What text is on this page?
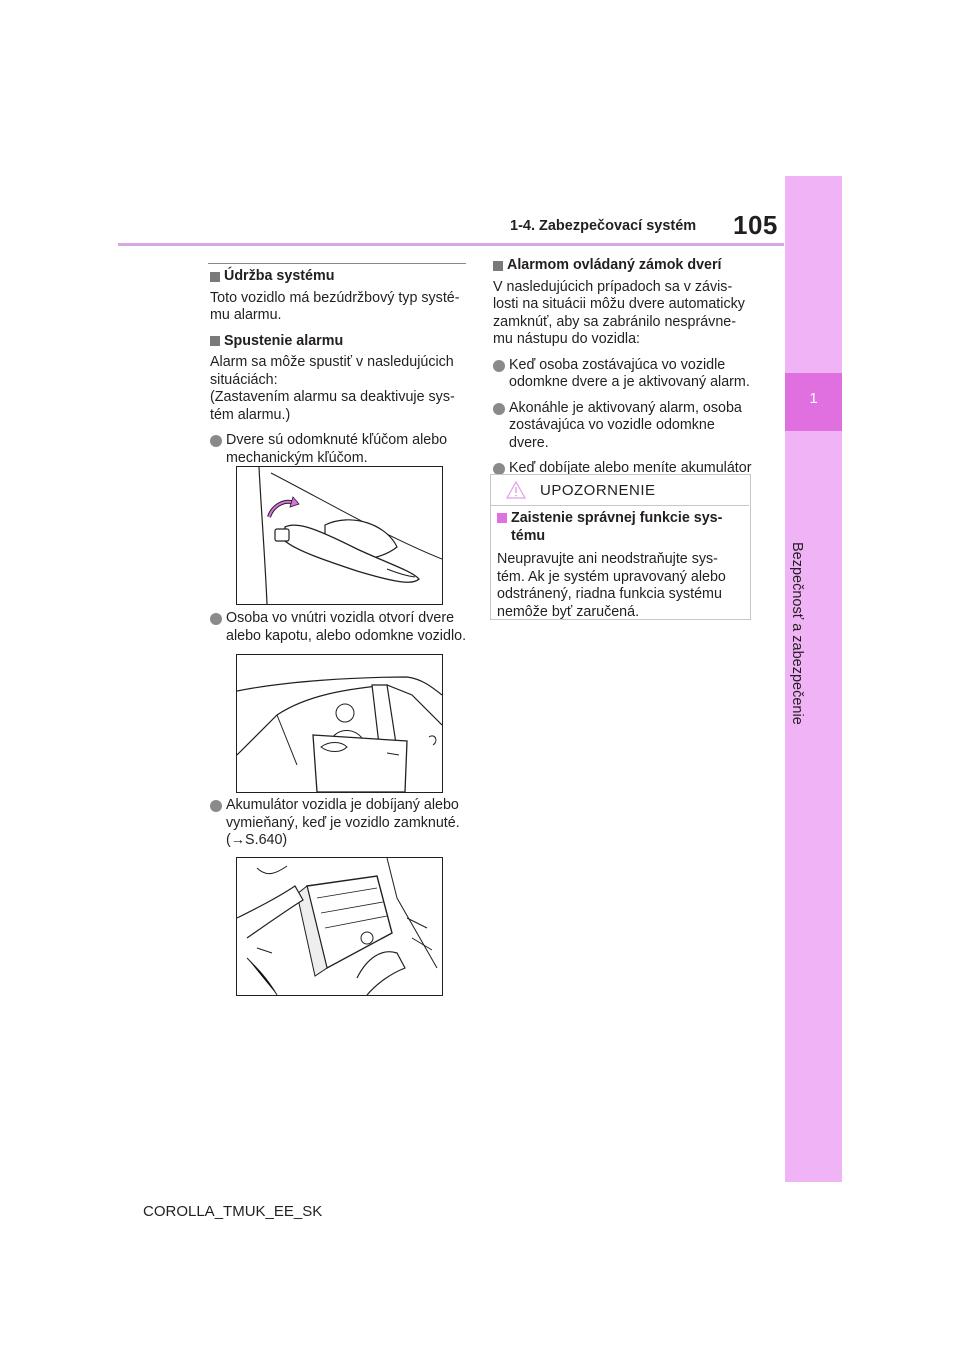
1-4. Zabezpečovací systém 105
1
Bezpečnosť a zabezpečenie
Údržba systému
Toto vozidlo má bezúdržbový typ systé-
mu alarmu.
Spustenie alarmu
Alarm sa môže spustiť v nasledujúcich
situáciách:
(Zastavením alarmu sa deaktivuje sys-
tém alarmu.)
Dvere sú odomknuté kľúčom alebo
mechanickým kľúčom.
Osoba vo vnútri vozidla otvorí dvere
alebo kapotu, alebo odomkne vozidlo.
Akumulátor vozidla je dobíjaný alebo
vymieňaný, keď je vozidlo zamknuté.
(→S.640)
Alarmom ovládaný zámok dverí
V nasledujúcich prípadoch sa v závis-
losti na situácii môžu dvere automaticky
zamknúť, aby sa zabránilo nesprávne-
mu nástupu do vozidla:
Keď osoba zostávajúca vo vozidle
odomkne dvere a je aktivovaný alarm.
Akonáhle je aktivovaný alarm, osoba
zostávajúca vo vozidle odomkne
dvere.
Keď dobíjate alebo meníte akumulátor
UPOZORNENIE
Zaistenie správnej funkcie sys-
tému
Neupravujte ani neodstraňujte sys-
tém. Ak je systém upravovaný alebo
odstránený, riadna funkcia systému
nemôže byť zaručená.
COROLLA_TMUK_EE_SK
